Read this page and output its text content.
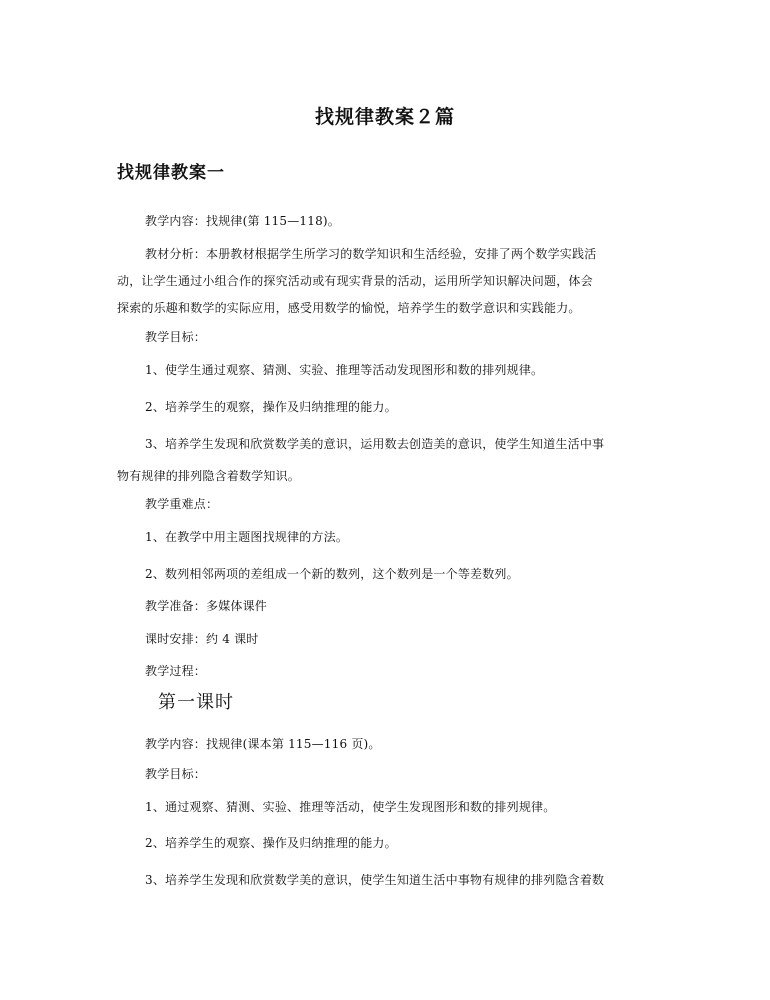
找规律教案２篇
找规律教案一
教学内容：找规律(第 115—118)。
教材分析：本册教材根据学生所学习的数学知识和生活经验，安排了两个数学实践活
动，让学生通过小组合作的探究活动或有现实背景的活动，运用所学知识解决问题，体会
探索的乐趣和数学的实际应用，感受用数学的愉悦，培养学生的数学意识和实践能力。
教学目标：
1、使学生通过观察、猜测、实验、推理等活动发现图形和数的排列规律。
2、培养学生的观察，操作及归纳推理的能力。
3、培养学生发现和欣赏数学美的意识，运用数去创造美的意识，使学生知道生活中事
物有规律的排列隐含着数学知识。
教学重难点：
1、在教学中用主题图找规律的方法。
2、数列相邻两项的差组成一个新的数列，这个数列是一个等差数列。
教学准备：多媒体课件
课时安排：约 4 课时
教学过程：
第一课时
教学内容：找规律(课本第 115—116 页)。
教学目标：
1、通过观察、猜测、实验、推理等活动，使学生发现图形和数的排列规律。
2、培养学生的观察、操作及归纳推理的能力。
3、培养学生发现和欣赏数学美的意识，使学生知道生活中事物有规律的排列隐含着数
